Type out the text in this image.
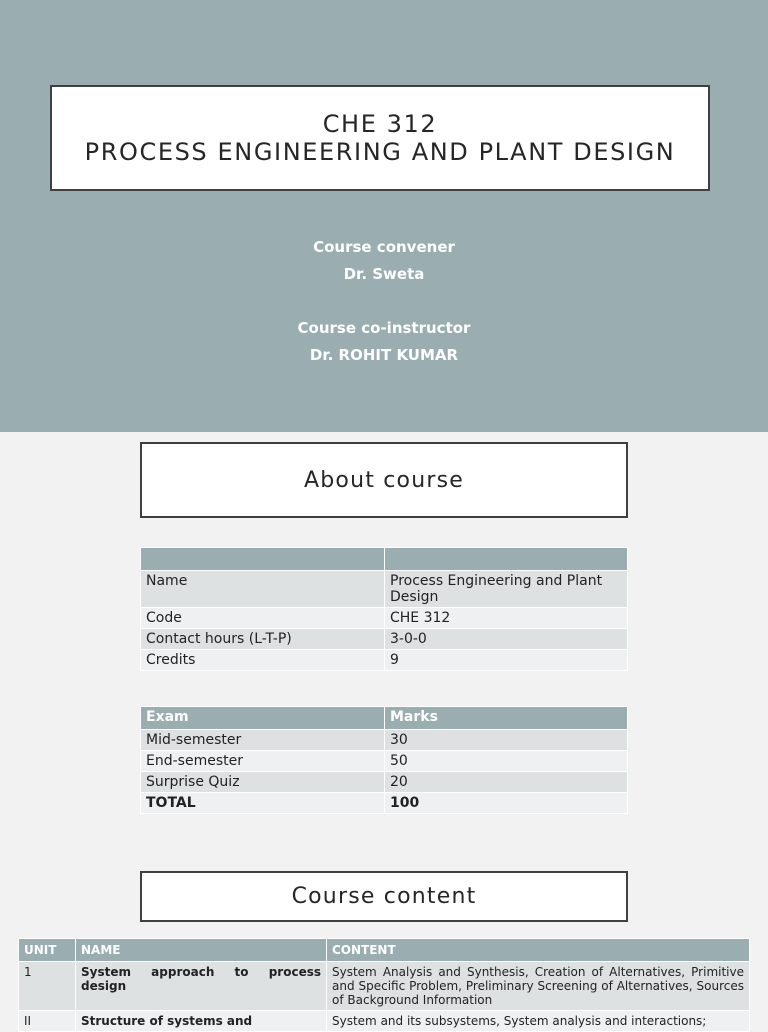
CHE 312
PROCESS ENGINEERING AND PLANT DESIGN
Course convener
Dr. Sweta
Course co-instructor
Dr. ROHIT KUMAR
About course

Name	Process Engineering and Plant Design
Code	CHE 312
Contact hours (L-T-P)	3-0-0
Credits	9
Exam	Marks
Mid-semester	30
End-semester	50
Surprise Quiz	20
TOTAL	100
Course content
UNIT	NAME	CONTENT
1	System approach to process design	System Analysis and Synthesis, Creation of Alternatives, Primitive and Specific Problem, Preliminary Screening of Alternatives, Sources of Background Information
II	Structure of systems and	System and its subsystems, System analysis and interactions;
